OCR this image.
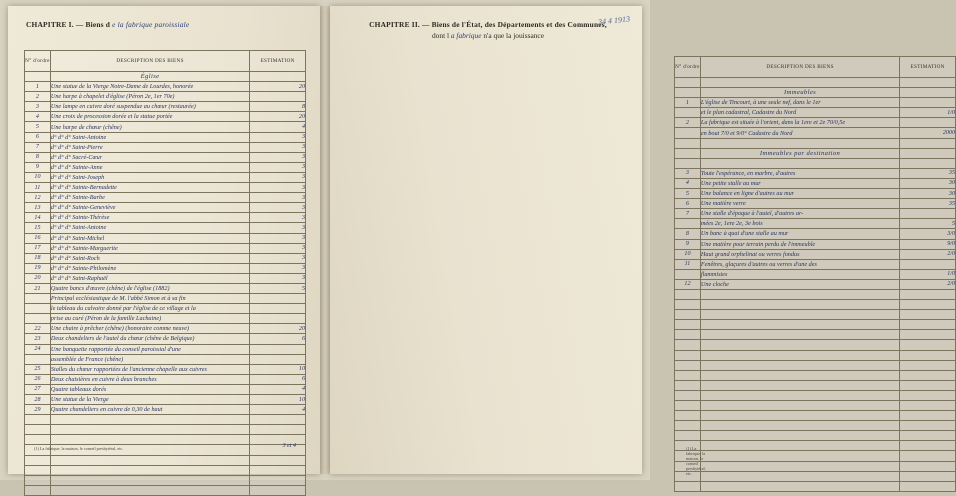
CHAPITRE I. — Biens d e la fabrique paroissiale
N° d'ordre	DESCRIPTION DES BIENS	ESTIMATION
	Église	
1	Une statue de la Vierge Notre-Dame de Lourdes, honorée	20
2	Une harpe à chapelet d'église (Péron 2e, 1er 70e)	
3	Une lampe en cuivre doré suspendue au chœur (restaurée)	8
4	Une croix de procession dorée et la statue portée	20
5	Une harpe de chœur (chêne)	4
6	d° d° d° Saint-Antoine	3
7	d° d° d° Saint-Pierre	3
8	d° d° d° Sacré-Cœur	3
9	d° d° d° Sainte-Anne	3
10	d° d° d° Saint-Joseph	3
11	d° d° d° Sainte-Bernadette	3
12	d° d° d° Sainte-Barbe	3
13	d° d° d° Sainte-Geneviève	3
14	d° d° d° Sainte-Thérèse	3
15	d° d° d° Saint-Antoine	3
16	d° d° d° Saint-Michel	3
17	d° d° d° Sainte-Marguerite	3
18	d° d° d° Saint-Roch	3
19	d° d° d° Sainte-Philomène	3
20	d° d° d° Saint-Raphaël	3
21	Quatre bancs d'œuvre (chêne) de l'église (1882)	5
	Principal ecclésiastique de M. l'abbé Simon et à sa fin	
	le tableau du calvaire donné par l'église de ce village et la	
	prise au curé (Péron de la famille Lachaine)	
22	Une chaire à prêcher (chêne) (honoraire comme neuve)	20
23	Deux chandeliers de l'autel du chœur (chêne de Belgique)	6
24	Une banquette rapportée du conseil paroissial d'une	
	assemblée de France (chêne)	
25	Stalles du chœur rapportées de l'ancienne chapelle aux cuivres	10
26	Deux chaisières en cuivre à deux branches	6
27	Quatre tableaux dorés	4
28	Une statue de la Vierge	10
29	Quatre chandeliers en cuivre de 0,30 de haut	4

(1) La fabrique, la maison, le conseil presbytéral, etc.	3 et 4
34 4 1913
CHAPITRE II. — Biens de l'État, des Départements et des Communes,
dont l a fabrique n'a que la jouissance
N° d'ordre	DESCRIPTION DES BIENS	ESTIMATION

	Immeubles	
1	L'église de Tincourt, à une seule nef, dans le 1er	
	et le plan cadastral, Cadastre du Nord	1/0
2	La fabrique est située à l'orient, dans la 1ere et 2e 70/0,5e	
	en bout 7/0 et 9/0° Cadastre du Nord	2000

	Immeubles par destination	

3	Toute l'espérance, en marbre, d'autres	35
4	Une petite stalle au mur	30
5	Une balance en ligne d'autres au mur	30
6	Une matière verre	35
7	Une stalle d'époque à l'autel, d'autres ar-	
	mées 2e, 1ere 2e, 3e bois	5
8	Un banc à quai d'une stalle au mur	3/0
9	Une matière pour terrain perdu de l'immeuble	9/0
10	Haut grand orphelinat ou verres fondus	2/0
11	Fenêtres, glaçures d'autres ou verres d'une des	
	flammistes	1/0
12	Une cloche	2/0

(1) La fabrique, la maison, le conseil presbytéral, etc.
